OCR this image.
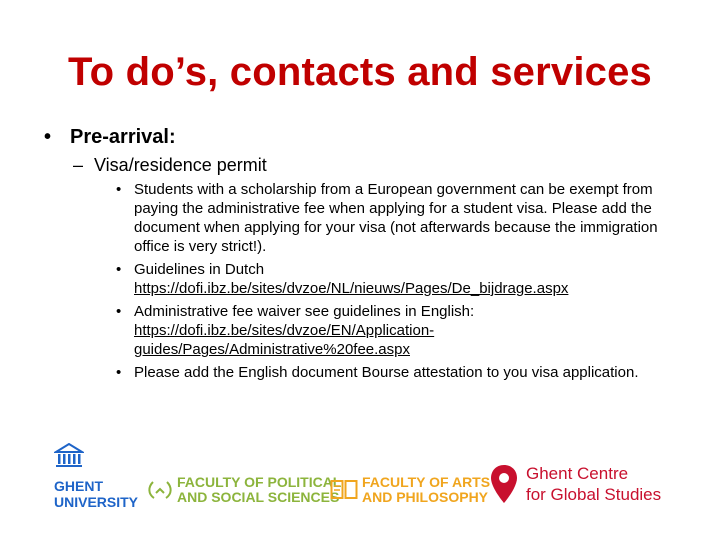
To do’s, contacts and services
• Pre-arrival:
– Visa/residence permit
• Students with a scholarship from a European government can be exempt from paying the administrative fee when applying for a student visa. Please add the document when applying for your visa (not afterwards because the immigration office is very strict!).
• Guidelines in Dutch
https://dofi.ibz.be/sites/dvzoe/NL/nieuws/Pages/De_bijdrage.aspx
• Administrative fee waiver see guidelines in English:
https://dofi.ibz.be/sites/dvzoe/EN/Application-guides/Pages/Administrative%20fee.aspx
• Please add the English document Bourse attestation to you visa application.
GHENT
UNIVERSITY
FACULTY OF POLITICAL
AND SOCIAL SCIENCES
FACULTY OF ARTS
AND PHILOSOPHY
Ghent Centre
for Global Studies
